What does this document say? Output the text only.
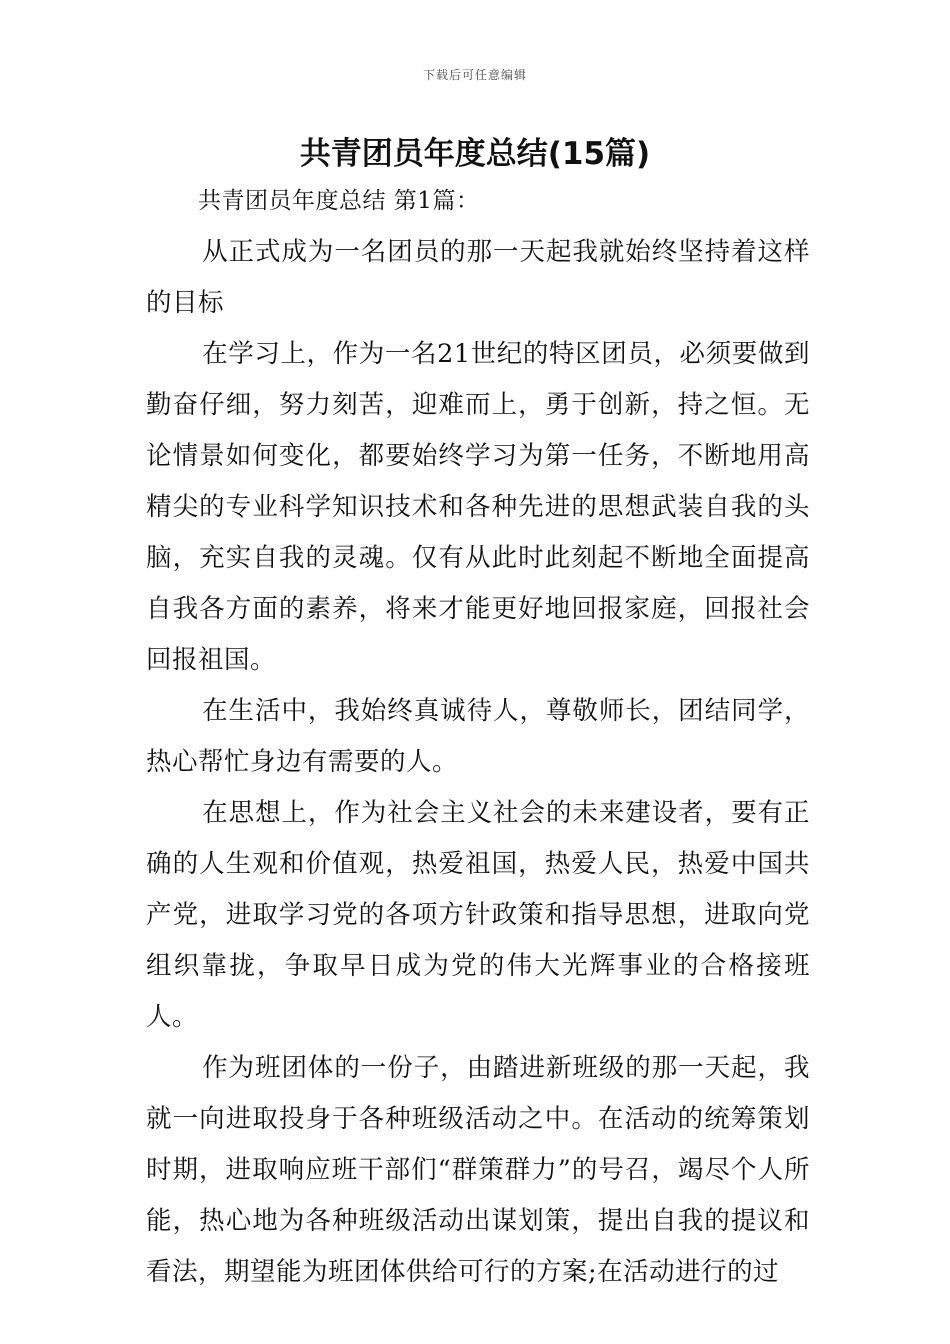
下载后可任意编辑
共青团员年度总结(15篇)

共青团员年度总结 第1篇：

从正式成为一名团员的那一天起我就始终坚持着这样的目标

在学习上，作为一名21世纪的特区团员，必须要做到勤奋仔细，努力刻苦，迎难而上，勇于创新，持之恒。无论情景如何变化，都要始终学习为第一任务，不断地用高精尖的专业科学知识技术和各种先进的思想武装自我的头脑，充实自我的灵魂。仅有从此时此刻起不断地全面提高自我各方面的素养，将来才能更好地回报家庭，回报社会回报祖国。

在生活中，我始终真诚待人，尊敬师长，团结同学，热心帮忙身边有需要的人。

在思想上，作为社会主义社会的未来建设者，要有正确的人生观和价值观，热爱祖国，热爱人民，热爱中国共产党，进取学习党的各项方针政策和指导思想，进取向党组织靠拢，争取早日成为党的伟大光辉事业的合格接班人。

作为班团体的一份子，由踏进新班级的那一天起，我就一向进取投身于各种班级活动之中。在活动的统筹策划时期，进取响应班干部们“群策群力”的号召，竭尽个人所能，热心地为各种班级活动出谋划策，提出自我的提议和看法，期望能为班团体供给可行的方案;在活动进行的过
